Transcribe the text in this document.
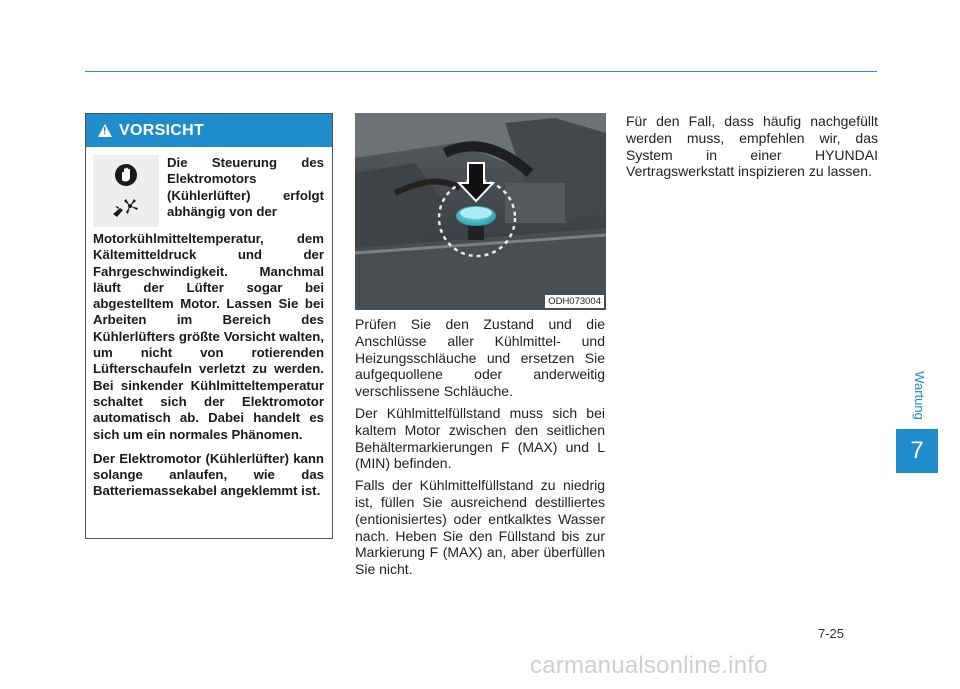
!
VORSICHT
Die Steuerung des Elektromotors (Kühlerlüfter) erfolgt abhängig von der

Motorkühlmitteltemperatur, dem Kältemitteldruck und der Fahrgeschwindigkeit. Manchmal läuft der Lüfter sogar bei abgestelltem Motor. Lassen Sie bei Arbeiten im Bereich des Kühlerlüfters größte Vorsicht walten, um nicht von rotierenden Lüfterschaufeln verletzt zu werden. Bei sinkender Kühlmitteltemperatur schaltet sich der Elektromotor automatisch ab. Dabei handelt es sich um ein normales Phänomen.

Der Elektromotor (Kühlerlüfter) kann solange anlaufen, wie das Batteriemassekabel angeklemmt ist.

ODH073004

Prüfen Sie den Zustand und die Anschlüsse aller Kühlmittel- und Heizungsschläuche und ersetzen Sie aufgequollene oder anderweitig verschlissene Schläuche.

Der Kühlmittelfüllstand muss sich bei kaltem Motor zwischen den seitlichen Behältermarkierungen F (MAX) und L (MIN) befinden.

Falls der Kühlmittelfüllstand zu niedrig ist, füllen Sie ausreichend destilliertes (entionisiertes) oder entkalktes Wasser nach. Heben Sie den Füllstand bis zur Markierung F (MAX) an, aber überfüllen Sie nicht.

Für den Fall, dass häufig nachgefüllt werden muss, empfehlen wir, das System in einer HYUNDAI Vertragswerkstatt inspizieren zu lassen.

Wartung
7
7-25
carmanualsonline.info
